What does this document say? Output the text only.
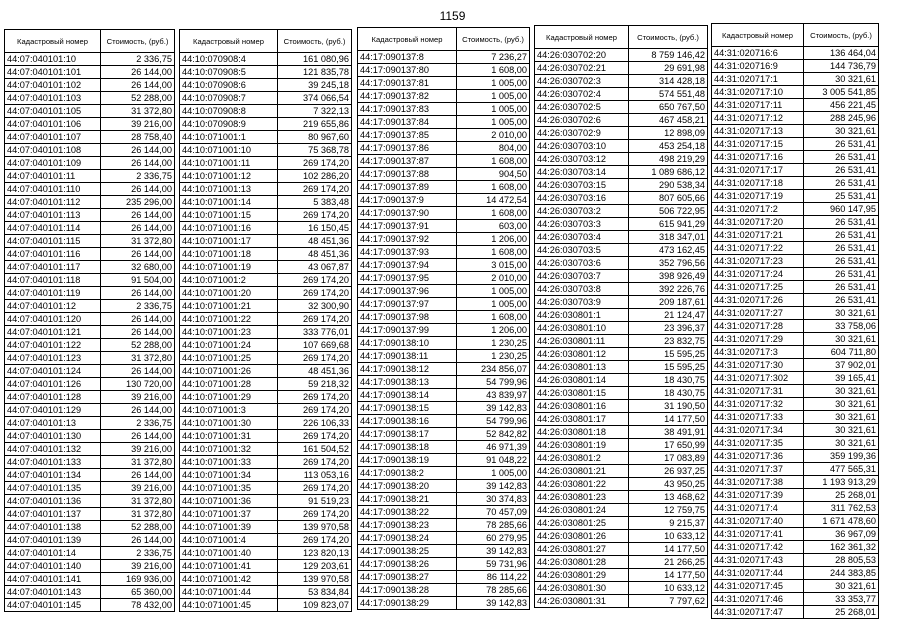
1159
Кадастровый номер	Стоимость, (руб.)
44:07:040101:10	2 336,75
44:07:040101:101	26 144,00
44:07:040101:102	26 144,00
44:07:040101:103	52 288,00
44:07:040101:105	31 372,80
44:07:040101:106	39 216,00
44:07:040101:107	28 758,40
44:07:040101:108	26 144,00
44:07:040101:109	26 144,00
44:07:040101:11	2 336,75
44:07:040101:110	26 144,00
44:07:040101:112	235 296,00
44:07:040101:113	26 144,00
44:07:040101:114	26 144,00
44:07:040101:115	31 372,80
44:07:040101:116	26 144,00
44:07:040101:117	32 680,00
44:07:040101:118	91 504,00
44:07:040101:119	26 144,00
44:07:040101:12	2 336,75
44:07:040101:120	26 144,00
44:07:040101:121	26 144,00
44:07:040101:122	52 288,00
44:07:040101:123	31 372,80
44:07:040101:124	26 144,00
44:07:040101:126	130 720,00
44:07:040101:128	39 216,00
44:07:040101:129	26 144,00
44:07:040101:13	2 336,75
44:07:040101:130	26 144,00
44:07:040101:132	39 216,00
44:07:040101:133	31 372,80
44:07:040101:134	26 144,00
44:07:040101:135	39 216,00
44:07:040101:136	31 372,80
44:07:040101:137	31 372,80
44:07:040101:138	52 288,00
44:07:040101:139	26 144,00
44:07:040101:14	2 336,75
44:07:040101:140	39 216,00
44:07:040101:141	169 936,00
44:07:040101:143	65 360,00
44:07:040101:145	78 432,00
Кадастровый номер	Стоимость, (руб.)
44:10:070908:4	161 080,96
44:10:070908:5	121 835,78
44:10:070908:6	39 245,18
44:10:070908:7	374 066,54
44:10:070908:8	7 322,13
44:10:070908:9	219 655,86
44:10:071001:1	80 967,60
44:10:071001:10	75 368,78
44:10:071001:11	269 174,20
44:10:071001:12	102 286,20
44:10:071001:13	269 174,20
44:10:071001:14	5 383,48
44:10:071001:15	269 174,20
44:10:071001:16	16 150,45
44:10:071001:17	48 451,36
44:10:071001:18	48 451,36
44:10:071001:19	43 067,87
44:10:071001:2	269 174,20
44:10:071001:20	269 174,20
44:10:071001:21	32 300,90
44:10:071001:22	269 174,20
44:10:071001:23	333 776,01
44:10:071001:24	107 669,68
44:10:071001:25	269 174,20
44:10:071001:26	48 451,36
44:10:071001:28	59 218,32
44:10:071001:29	269 174,20
44:10:071001:3	269 174,20
44:10:071001:30	226 106,33
44:10:071001:31	269 174,20
44:10:071001:32	161 504,52
44:10:071001:33	269 174,20
44:10:071001:34	113 053,16
44:10:071001:35	269 174,20
44:10:071001:36	91 519,23
44:10:071001:37	269 174,20
44:10:071001:39	139 970,58
44:10:071001:4	269 174,20
44:10:071001:40	123 820,13
44:10:071001:41	129 203,61
44:10:071001:42	139 970,58
44:10:071001:44	53 834,84
44:10:071001:45	109 823,07
Кадастровый номер	Стоимость, (руб.)
44:17:090137:8	7 236,27
44:17:090137:80	1 608,00
44:17:090137:81	1 005,00
44:17:090137:82	1 005,00
44:17:090137:83	1 005,00
44:17:090137:84	1 005,00
44:17:090137:85	2 010,00
44:17:090137:86	804,00
44:17:090137:87	1 608,00
44:17:090137:88	904,50
44:17:090137:89	1 608,00
44:17:090137:9	14 472,54
44:17:090137:90	1 608,00
44:17:090137:91	603,00
44:17:090137:92	1 206,00
44:17:090137:93	1 608,00
44:17:090137:94	3 015,00
44:17:090137:95	2 010,00
44:17:090137:96	1 005,00
44:17:090137:97	1 005,00
44:17:090137:98	1 608,00
44:17:090137:99	1 206,00
44:17:090138:10	1 230,25
44:17:090138:11	1 230,25
44:17:090138:12	234 856,07
44:17:090138:13	54 799,96
44:17:090138:14	43 839,97
44:17:090138:15	39 142,83
44:17:090138:16	54 799,96
44:17:090138:17	52 842,82
44:17:090138:18	46 971,39
44:17:090138:19	91 048,22
44:17:090138:2	1 005,00
44:17:090138:20	39 142,83
44:17:090138:21	30 374,83
44:17:090138:22	70 457,09
44:17:090138:23	78 285,66
44:17:090138:24	60 279,95
44:17:090138:25	39 142,83
44:17:090138:26	59 731,96
44:17:090138:27	86 114,22
44:17:090138:28	78 285,66
44:17:090138:29	39 142,83
Кадастровый номер	Стоимость, (руб.)
44:26:030702:20	8 759 146,42
44:26:030702:21	29 691,98
44:26:030702:3	314 428,18
44:26:030702:4	574 551,48
44:26:030702:5	650 767,50
44:26:030702:6	467 458,21
44:26:030702:9	12 898,09
44:26:030703:10	453 254,18
44:26:030703:12	498 219,29
44:26:030703:14	1 089 686,12
44:26:030703:15	290 538,34
44:26:030703:16	807 605,66
44:26:030703:2	506 722,95
44:26:030703:3	615 941,29
44:26:030703:4	318 347,01
44:26:030703:5	473 162,45
44:26:030703:6	352 796,56
44:26:030703:7	398 926,49
44:26:030703:8	392 226,76
44:26:030703:9	209 187,61
44:26:030801:1	21 124,47
44:26:030801:10	23 396,37
44:26:030801:11	23 832,75
44:26:030801:12	15 595,25
44:26:030801:13	15 595,25
44:26:030801:14	18 430,75
44:26:030801:15	18 430,75
44:26:030801:16	31 190,50
44:26:030801:17	14 177,50
44:26:030801:18	38 491,91
44:26:030801:19	17 650,99
44:26:030801:2	17 083,89
44:26:030801:21	26 937,25
44:26:030801:22	43 950,25
44:26:030801:23	13 468,62
44:26:030801:24	12 759,75
44:26:030801:25	9 215,37
44:26:030801:26	10 633,12
44:26:030801:27	14 177,50
44:26:030801:28	21 266,25
44:26:030801:29	14 177,50
44:26:030801:30	10 633,12
44:26:030801:31	7 797,62
Кадастровый номер	Стоимость, (руб.)
44:31:020716:6	136 464,04
44:31:020716:9	144 736,79
44:31:020717:1	30 321,61
44:31:020717:10	3 005 541,85
44:31:020717:11	456 221,45
44:31:020717:12	288 245,96
44:31:020717:13	30 321,61
44:31:020717:15	26 531,41
44:31:020717:16	26 531,41
44:31:020717:17	26 531,41
44:31:020717:18	26 531,41
44:31:020717:19	25 531,41
44:31:020717:2	960 147,95
44:31:020717:20	26 531,41
44:31:020717:21	26 531,41
44:31:020717:22	26 531,41
44:31:020717:23	26 531,41
44:31:020717:24	26 531,41
44:31:020717:25	26 531,41
44:31:020717:26	26 531,41
44:31:020717:27	30 321,61
44:31:020717:28	33 758,06
44:31:020717:29	30 321,61
44:31:020717:3	604 711,80
44:31:020717:30	37 902,01
44:31:020717:302	39 165,41
44:31:020717:31	30 321,61
44:31:020717:32	30 321,61
44:31:020717:33	30 321,61
44:31:020717:34	30 321,61
44:31:020717:35	30 321,61
44:31:020717:36	359 199,36
44:31:020717:37	477 565,31
44:31:020717:38	1 193 913,29
44:31:020717:39	25 268,01
44:31:020717:4	311 762,53
44:31:020717:40	1 671 478,60
44:31:020717:41	36 967,09
44:31:020717:42	162 361,32
44:31:020717:43	28 805,53
44:31:020717:44	244 383,85
44:31:020717:45	30 321,61
44:31:020717:46	33 353,77
44:31:020717:47	25 268,01
